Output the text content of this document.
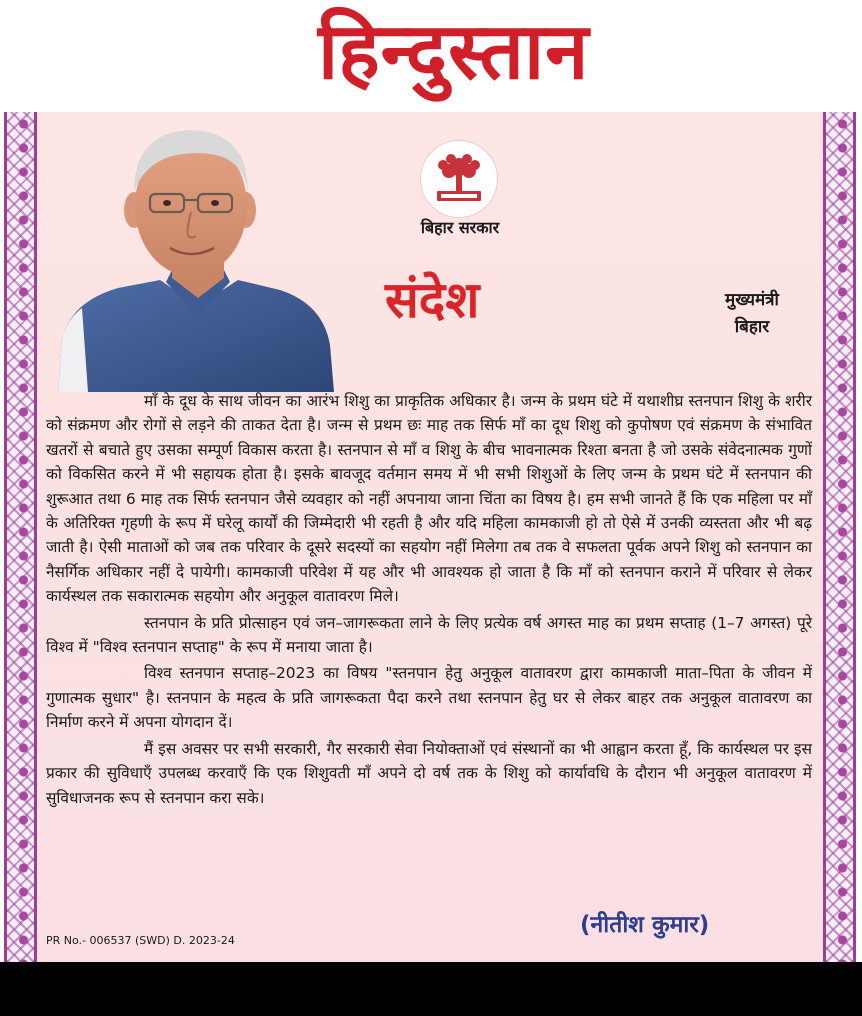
हिन्दुस्तान
बिहार सरकार
संदेश	मुख्यमंत्री
बिहार

माँ के दूध के साथ जीवन का आरंभ शिशु का प्राकृतिक अधिकार है। जन्म के प्रथम घंटे में यथाशीघ्र स्तनपान शिशु के शरीर को संक्रमण और रोगों से लड़ने की ताकत देता है। जन्म से प्रथम छः माह तक सिर्फ माँ का दूध शिशु को कुपोषण एवं संक्रमण के संभावित खतरों से बचाते हुए उसका सम्पूर्ण विकास करता है। स्तनपान से माँ व शिशु के बीच भावनात्मक रिश्ता बनता है जो उसके संवेदनात्मक गुणों को विकसित करने में भी सहायक होता है। इसके बावजूद वर्तमान समय में भी सभी शिशुओं के लिए जन्म के प्रथम घंटे में स्तनपान की शुरूआत तथा 6 माह तक सिर्फ स्तनपान जैसे व्यवहार को नहीं अपनाया जाना चिंता का विषय है। हम सभी जानते हैं कि एक महिला पर माँ के अतिरिक्त गृहणी के रूप में घरेलू कार्यों की जिम्मेदारी भी रहती है और यदि महिला कामकाजी हो तो ऐसे में उनकी व्यस्तता और भी बढ़ जाती है। ऐसी माताओं को जब तक परिवार के दूसरे सदस्यों का सहयोग नहीं मिलेगा तब तक वे सफलता पूर्वक अपने शिशु को स्तनपान का नैसर्गिक अधिकार नहीं दे पायेगी। कामकाजी परिवेश में यह और भी आवश्यक हो जाता है कि माँ को स्तनपान कराने में परिवार से लेकर कार्यस्थल तक सकारात्मक सहयोग और अनुकूल वातावरण मिले।

स्तनपान के प्रति प्रोत्साहन एवं जन–जागरूकता लाने के लिए प्रत्येक वर्ष अगस्त माह का प्रथम सप्ताह (1–7 अगस्त) पूरे विश्व में "विश्व स्तनपान सप्ताह" के रूप में मनाया जाता है।

विश्व स्तनपान सप्ताह–2023 का विषय "स्तनपान हेतु अनुकूल वातावरण द्वारा कामकाजी माता–पिता के जीवन में गुणात्मक सुधार" है। स्तनपान के महत्व के प्रति जागरूकता पैदा करने तथा स्तनपान हेतु घर से लेकर बाहर तक अनुकूल वातावरण का निर्माण करने में अपना योगदान दें।

मैं इस अवसर पर सभी सरकारी, गैर सरकारी सेवा नियोक्ताओं एवं संस्थानों का भी आह्वान करता हूँ, कि कार्यस्थल पर इस प्रकार की सुविधाएँ उपलब्ध करवाएँ कि एक शिशुवती माँ अपने दो वर्ष तक के शिशु को कार्यावधि के दौरान भी अनुकूल वातावरण में सुविधाजनक रूप से स्तनपान करा सके।

PR No.- 006537 (SWD) D. 2023-24
(नीतीश कुमार)
